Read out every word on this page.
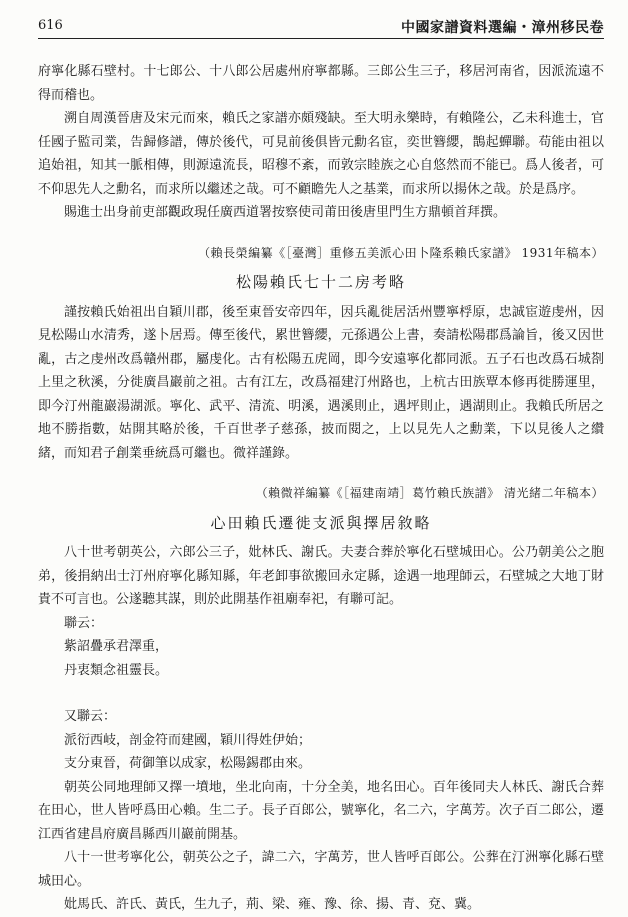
616	中國家譜資料選編・漳州移民卷

府寧化縣石壁村。十七郎公、十八郎公居處州府寧都縣。三郎公生三子，移居河南省，因派流遠不得而稽也。

溯自周漢晉唐及宋元而來，賴氏之家譜亦頗殘缺。至大明永樂時，有賴隆公，乙未科進士，官任國子監司業，告歸修譜，傳於後代，可見前後俱皆元勳名宦，奕世簪纓，鵲起蟬聯。苟能由祖以追始祖，知其一脈相傳，則源遠流長，昭穆不紊，而敦宗睦族之心自悠然而不能已。爲人後者，可不仰思先人之勳名，而求所以繼述之哉。可不顧瞻先人之基業，而求所以揚休之哉。於是爲序。

賜進士出身前吏部觀政現任廣西道署按察使司莆田後唐里門生方鼎頓首拜撰。

（賴長榮編纂《［臺灣］重修五美派心田卜隆系賴氏家譜》 1931年稿本）

松陽賴氏七十二房考略

謹按賴氏始祖出自穎川郡，後至東晉安帝四年，因兵亂徙居活州豐寧桴原，忠誠宦遊虔州，因見松陽山水清秀，遂卜居焉。傳至後代，累世簪纓，元孫遇公上書，奏請松陽郡爲論旨，後又因世亂，古之虔州改爲贛州郡，屬虔化。古有松陽五虎岡，即今安遠寧化都同派。五子石也改爲石城剳上里之秋溪，分徙廣昌巖前之祖。古有江左，改爲福建汀州路也，上杭古田族覃本修再徙勝運里，即今汀州龍巖湯湖派。寧化、武平、清流、明溪，遇溪則止，遇坪則止，遇湖則止。我賴氏所居之地不勝指數，姑開其略於後，千百世孝子慈孫，披而閱之，上以見先人之勳業，下以見後人之纘緒，而知君子創業垂統爲可繼也。微祥謹錄。

（賴微祥編纂《［福建南靖］葛竹賴氏族譜》 清光緒二年稿本）

心田賴氏遷徙支派與擇居敘略

八十世考朝英公，六郎公三子，妣林氏、謝氏。夫妻合葬於寧化石壁城田心。公乃朝美公之胞弟，後捐納出士汀州府寧化縣知縣，年老卸事欲搬回永定縣，途遇一地理師云，石壁城之大地丁財貴不可言也。公遂聽其謀，則於此開基作祖廟奉祀，有聯可記。

聯云：

紫詔疊承君澤重，

丹衷類念祖靈長。

又聯云：

派衍西岐，剖金符而建國，穎川得姓伊始；

支分東晉，荷御筆以成家，松陽錫郡由來。

朝英公同地理師又擇一墳地，坐北向南，十分全美，地名田心。百年後同夫人林氏、謝氏合葬在田心，世人皆呼爲田心賴。生二子。長子百郎公，號寧化，名二六，字萬芳。次子百二郎公，遷江西省建昌府廣昌縣西川巖前開基。

八十一世考寧化公，朝英公之子，諱二六，字萬芳，世人皆呼百郎公。公葬在汀洲寧化縣石壁城田心。

妣馬氏、許氏、黃氏，生九子，荊、梁、雍、豫、徐、揚、青、兗、冀。
